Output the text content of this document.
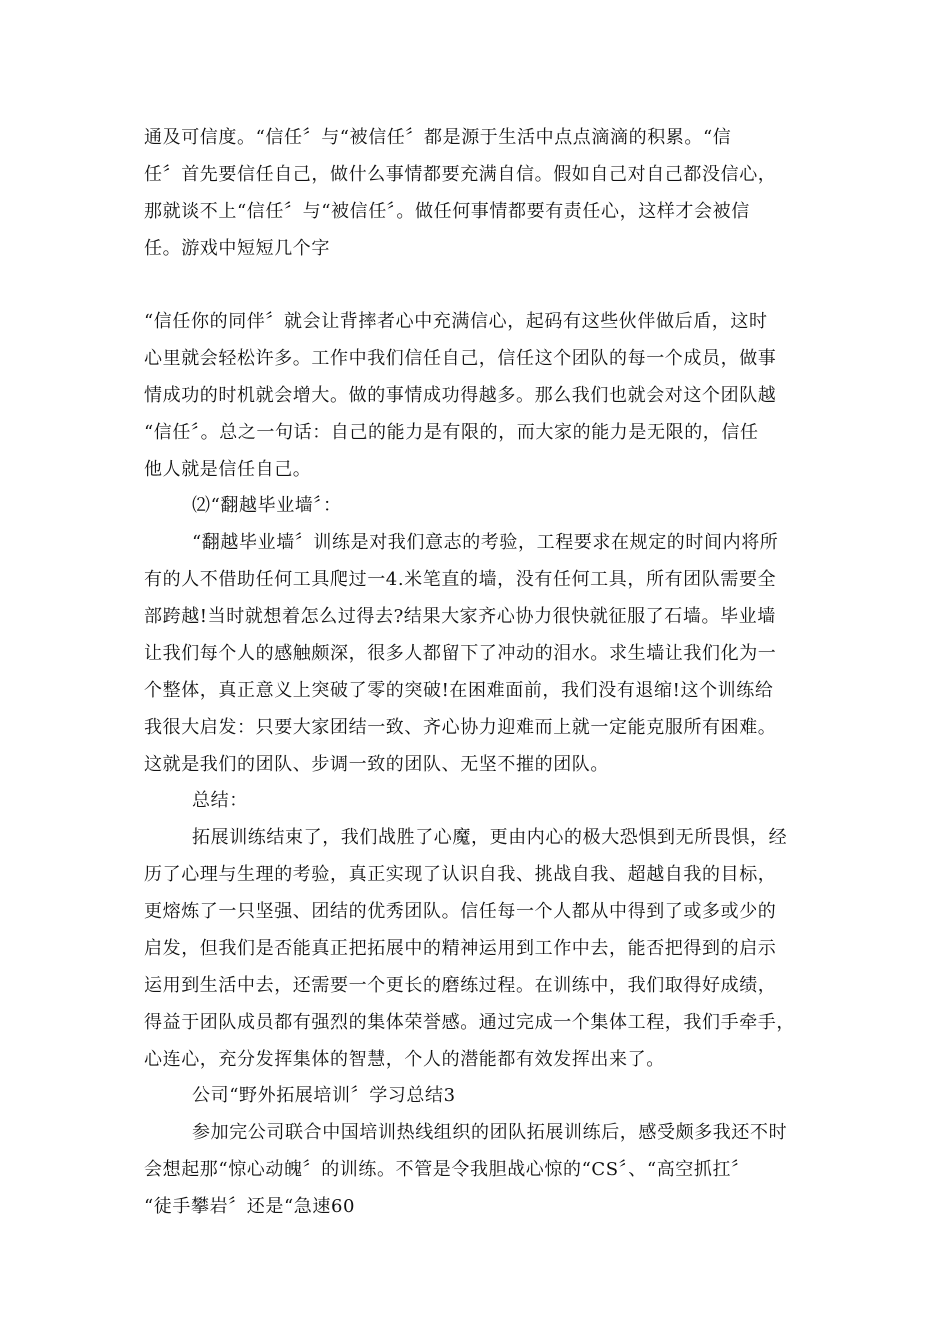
通及可信度。“信任〞与“被信任〞都是源于生活中点点滴滴的积累。“信

任〞首先要信任自己，做什么事情都要充满自信。假如自己对自己都没信心，

那就谈不上“信任〞与“被信任〞。做任何事情都要有责任心，这样才会被信

任。游戏中短短几个字

“信任你的同伴〞就会让背摔者心中充满信心，起码有这些伙伴做后盾，这时

心里就会轻松许多。工作中我们信任自己，信任这个团队的每一个成员，做事

情成功的时机就会增大。做的事情成功得越多。那么我们也就会对这个团队越

“信任〞。总之一句话：自己的能力是有限的，而大家的能力是无限的，信任

他人就是信任自己。

⑵“翻越毕业墙〞：

“翻越毕业墙〞训练是对我们意志的考验，工程要求在规定的时间内将所

有的人不借助任何工具爬过一4.米笔直的墙，没有任何工具，所有团队需要全

部跨越!当时就想着怎么过得去?结果大家齐心协力很快就征服了石墙。毕业墙

让我们每个人的感触颇深，很多人都留下了冲动的泪水。求生墙让我们化为一

个整体，真正意义上突破了零的突破!在困难面前，我们没有退缩!这个训练给

我很大启发：只要大家团结一致、齐心协力迎难而上就一定能克服所有困难。

这就是我们的团队、步调一致的团队、无坚不摧的团队。

总结：

拓展训练结束了，我们战胜了心魔，更由内心的极大恐惧到无所畏惧，经

历了心理与生理的考验，真正实现了认识自我、挑战自我、超越自我的目标，

更熔炼了一只坚强、团结的优秀团队。信任每一个人都从中得到了或多或少的

启发，但我们是否能真正把拓展中的精神运用到工作中去，能否把得到的启示

运用到生活中去，还需要一个更长的磨练过程。在训练中，我们取得好成绩，

得益于团队成员都有强烈的集体荣誉感。通过完成一个集体工程，我们手牵手，

心连心，充分发挥集体的智慧，个人的潜能都有效发挥出来了。

公司“野外拓展培训〞学习总结3

参加完公司联合中国培训热线组织的团队拓展训练后，感受颇多我还不时

会想起那“惊心动魄〞的训练。不管是令我胆战心惊的“CS〞、“高空抓扛〞

“徒手攀岩〞还是“急速60
